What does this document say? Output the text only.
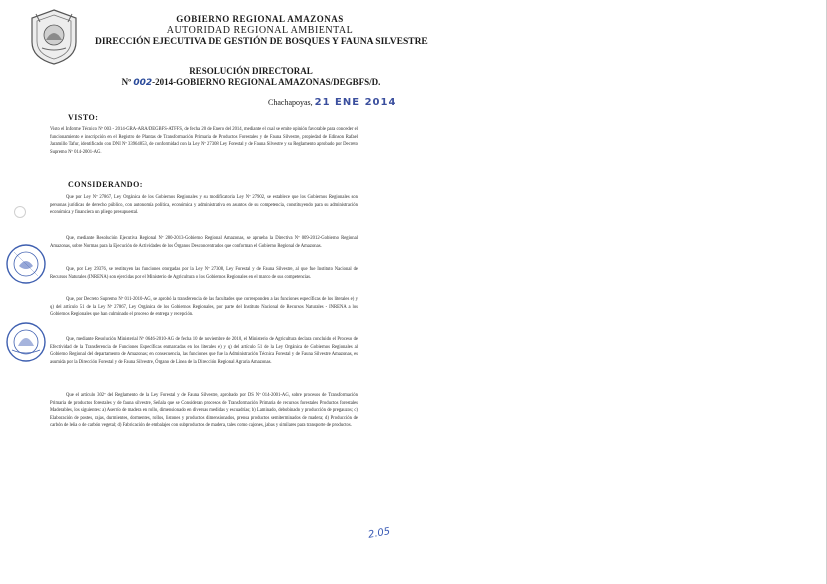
GOBIERNO REGIONAL AMAZONAS
AUTORIDAD REGIONAL AMBIENTAL
DIRECCIÓN EJECUTIVA DE GESTIÓN DE BOSQUES Y FAUNA SILVESTRE
RESOLUCIÓN DIRECTORAL
Nº 002-2014-GOBIERNO REGIONAL AMAZONAS/DEGBFS/D.
Chachapoyas, 21 ENE 2014
VISTO:
Visto el Informe Técnico Nº 003 - 2014-GRA-ARA/DEGBFS-ATFFS, de fecha 20 de Enero del 2014, mediante el cual se emite opinión favorable para conceder el funcionamiento e inscripción en el Registro de Plantas de Transformación Primaria de Productos Forestales y de Fauna Silvestre, propiedad de Edinson Rafael Jaramillo Tafur, identificado con DNI Nº 33964853, de conformidad con la Ley Nº 27308 Ley Forestal y de Fauna Silvestre y su Reglamento aprobado por Decreto Supremo Nº 014-2001-AG.
CONSIDERANDO:
Que por Ley Nº 27867, Ley Orgánica de los Gobiernos Regionales y su modificatoria Ley Nº 27902, se establece que los Gobiernos Regionales son personas jurídicas de derecho público, con autonomía política, económica y administrativa en asuntos de su competencia, constituyendo para su administración económica y financiera un pliego presupuestal.
Que, mediante Resolución Ejecutiva Regional Nº 280-2013-Gobierno Regional Amazonas, se aprueba la Directiva Nº 009-2012-Gobierno Regional Amazonas, sobre Normas para la Ejecución de Actividades de los Órganos Desconcentrados que conforman el Gobierno Regional de Amazonas.
Que, por Ley 29376, se restituyen las funciones otorgadas por la Ley Nº 27308, Ley Forestal y de Fauna Silvestre, al que fue Instituto Nacional de Recursos Naturales (INRENA) son ejercidas por el Ministerio de Agricultura o los Gobiernos Regionales en el marco de sus competencias.
Que, por Decreto Supremo Nº 011-2010-AG, se aprobó la transferencia de las facultades que corresponden a las funciones específicas de los literales e) y q) del artículo 51 de la Ley Nº 27867, Ley Orgánica de los Gobiernos Regionales, por parte del Instituto Nacional de Recursos Naturales - INRENA a los Gobiernos Regionales que han culminado el proceso de entrega y recepción.
Que, mediante Resolución Ministerial Nº 0646-2010-AG de fecha 10 de noviembre de 2010, el Ministerio de Agricultura declara concluido el Proceso de Efectividad de la Transferencia de Funciones Específicas enmarcadas en los literales e) y q) del artículo 51 de la Ley Orgánica de Gobiernos Regionales al Gobierno Regional del departamento de Amazonas; en consecuencia, las funciones que fue la Administración Técnica Forestal y de Fauna Silvestre Amazonas, es asumida por la Dirección Forestal y de Fauna Silvestre, Órgano de Línea de la Dirección Regional Agraria Amazonas.
Que el artículo 302º del Reglamento de la Ley Forestal y de Fauna Silvestre, aprobado por DS Nº 014-2001-AG, sobre procesos de Transformación Primaria de productos forestales y de fauna silvestre, Señala que se Consideran procesos de Transformación Primaria de recursos forestales Productos forestales Maderables, los siguientes: a) Aserrío de madera en rollo, dimensionado en diversas medidas y escuadrías; b) Laminado, debobinado y producción de pregauzos; c) Elaboración de postes, rajas, durmientes, dormentes, rollos, listones y productos dimensionados, prensa productos semiterminados de madera; d) Producción de carbón de leña o de carbón vegetal; d) Fabricación de embalajes con subproductos de madera, tales como cajones, jabas y similares para transporte de productos.
2.05
